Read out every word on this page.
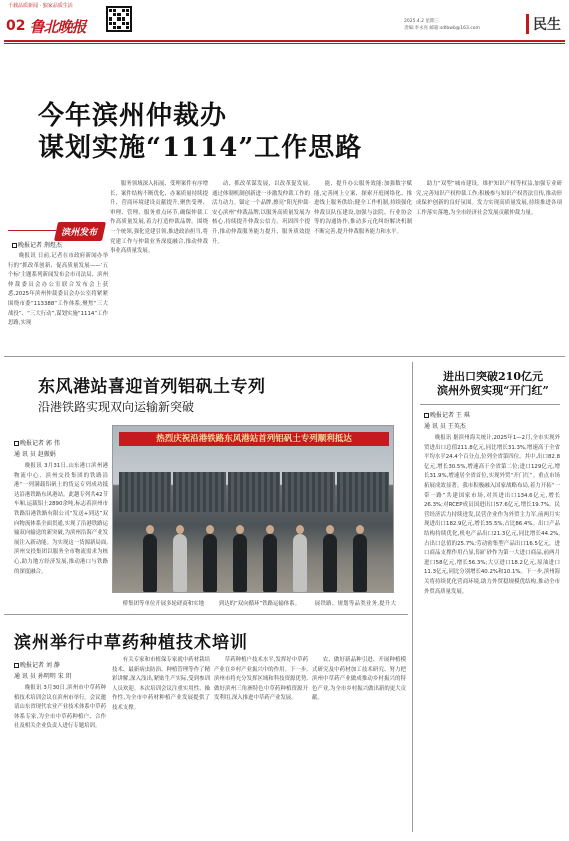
千载品质新闻 · 独家品质生活
02 鲁北晚报	2025.4.2 星期三
责编:李永亮 邮箱:sdlbwb@163.com	民生
今年滨州仲裁办
谋划实施“1114”工作思路
滨州发布
晚报记者 荆煜杰

晚报讯 日前,记者在市政府新闻办举行的“抓改革创新、促高质量发展——‘五个标’主题系列新闻发布会市司法局、滨州仲裁委员会办公室联合发布会上获悉,2025年滨州仲裁委员会办公室将紧紧围绕市委“113388”工作体系,聚焦“三大战役”、“三大行动”,谋划实施“1114”工作思路,实现

服务领域深入拓展、受理案件有序增长、案件结构不断优化、办案质量持续提升、营商环境建设贡献提升,聚焦受理、审理、管理、服务重点环节,确保仲裁工作高质量发展,着力打造仲裁品牌。围绕一个统领,强化党建引领,推进政治担当,将党建工作与仲裁业务深度融合,推动仲裁事业高质量发展。

动、抓改革谋发展、以改革促发展,通过体制机制创新进一步激发仲裁工作的活力动力。锚定一个品牌,擦亮“阳光仲裁·安心滨州”仲裁品牌,以服务高质量发展为核心,持续提升仲裁公信力。巩固四个提升,推动仲裁服务能力提升、服务质效提升。

能、提升办公服务效能:加强数字赋能,完善网上立案、探索开庭网络化、推进线上服务供给;健全工作机制,持续强化仲裁员队伍建设,加强与法院、行业协会等的沟通协作,推动多元化纠纷解决机制不断完善,提升仲裁服务能力和水平。

助力“双型”城市建设。维护知识产权等权益,加强专业研究,完善知识产权仲裁工作;积极参与知识产权普法宣传,推动形成保护创新的良好氛围。发力实现高质量发展,持续推进各项工作落实落地,为全市经济社会发展贡献仲裁力量。

东风港站喜迎首列铝矾土专列
沿港铁路实现双向运输新突破
晚报记者 郭 伟
通 讯 员 赵振娟

晚报讯 3月31日,山东港口滨州港物流中心、滨州交投集团的铁路沿港“一列满载铝矾土的货运专列成功抵达沿港铁路东风港站。此趟专列共42节车厢,运载铝土2890余吨,标志着滨州市铁路沿港铁路有限公司“发送+到达”双向物流体系全面贯通,实现了沿港铁路运输双向输送的新突破,为滨州沿海产业发展注入新动能。为实现这一货源新局面,滨州交投集团以服务全市物流需求为核心,助力地方经济发展,推动港口与铁路的深度融合。

热烈庆祝沿港铁路东风港站首列铝矾土专列顺利抵达

桥集团等单位开展多轮磋商和实地	到达的“双向循环”铁路运输体系。	展铁路、规划等品类业务,提升大

进出口突破210亿元
滨州外贸实现“开门红”
晚报记者 王 琪
通 讯 员 王英杰

晚报讯 据滨州海关统计,2025年1—2月,全市实现外贸进出口总值211.8亿元,同比增长31.3%,增速高于全省平均水平24.4个百分点,位列全省第四位。其中,出口82.8亿元,增长30.5%,增速高于全省第二位;进口129亿元,增长31.9%,增速居全省首位,实现外贸“开门红”。重点市场拓展成效显著。我市积极融入国家战略布局,着力开拓“一带一路”共建国家市场,对其进出口134.6亿元,增长26.3%;对RCEP成员国进出口57.6亿元,增长19.7%。民营经济活力持续迸发,民营企业作为外贸主力军,前两月实现进出口182.9亿元,增长35.5%,占比86.4%。出口产品结构持续优化,机电产品出口21.3亿元,同比增长44.2%,占出口总值的25.7%;劳动密集型产品出口16.5亿元。进口商品支撑作用凸显,铝矿砂作为第一大进口商品,前两月进口58亿元,增长56.3%;大豆进口18.2亿元,原油进口11.3亿元,同比分别增长40.2%和10.1%。下一步,滨州海关将持续优化营商环境,助力外贸稳规模优结构,推动全市外贸高质量发展。

滨州举行中草药种植技术培训
晚报记者 刘 静
通 讯 员 孙明明 宋 玥

晚报讯 3月30日,滨州市中草药种植技术培训会议在滨州市举行。会议邀请山东省现代农业产业技术体系中草药体系专家,为全市中草药种植户、合作社及相关企业负责人进行专题培训。

有关专家和市植保专家就中药材栽培技术、最新病虫防治、种植管理等作了精彩讲解,深入浅出,紧贴生产实际,受到参训人员欢迎。本次培训会议注重实用性、操作性,为全市中药材种植产业发展提供了技术支撑。

草药种植户技术水平,发挥好中草药产业在乡村产业振兴中的作用。下一步,滨州市将充分发挥区域和科技资源优势,做好滨州三角洲特色中草药种植资源开发利用,深入推进中草药产业发展。

农、做好新品种引进、开展种植模式研究及中药材加工技术研究、努力把滨州中草药产业做成推动乡村振兴的特色产业,为全市乡村振兴做出新的更大贡献。
